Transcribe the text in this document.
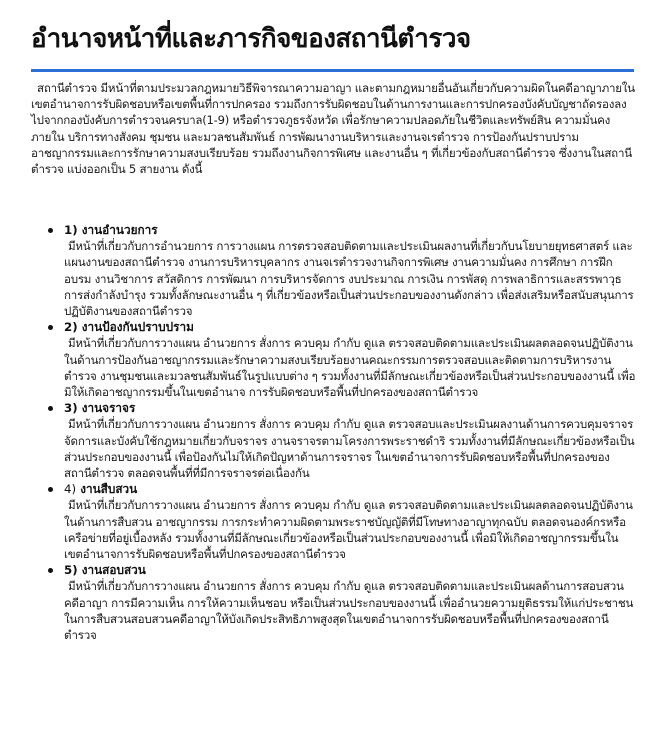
อำนาจหน้าที่และภารกิจของสถานีตำรวจ

สถานีตำรวจ มีหน้าที่ตามประมวลกฎหมายวิธีพิจารณาความอาญา และตามกฎหมายอื่นอันเกี่ยวกับความผิดในคดีอาญาภายในเขตอำนาจการรับผิดชอบหรือเขตพื้นที่การปกครอง รวมถึงการรับผิดชอบในด้านการงานและการปกครองบังคับบัญชาถัดรองลงไปจากกองบังคับการตำรวจนครบาล(1-9) หรือตำรวจภูธรจังหวัด เพื่อรักษาความปลอดภัยในชีวิตและทรัพย์สิน ความมั่นคงภายใน บริการทางสังคม ชุมชน และมวลชนสัมพันธ์ การพัฒนางานบริหารและงานจเรตำรวจ การป้องกันปราบปรามอาชญากรรมและการรักษาความสงบเรียบร้อย รวมถึงงานกิจการพิเศษ และงานอื่น ๆ ที่เกี่ยวข้องกับสถานีตำรวจ ซึ่งงานในสถานีตำรวจ แบ่งออกเป็น 5 สายงาน ดังนี้

1) งานอำนวยการ

มีหน้าที่เกี่ยวกับการอำนวยการ การวางแผน การตรวจสอบติดตามและประเมินผลงานที่เกี่ยวกับนโยบายยุทธศาสตร์ และแผนงานของสถานีตำรวจ งานการบริหารบุคลากร งานจเรตำรวจงานกิจการพิเศษ งานความมั่นคง การศึกษา การฝึกอบรม งานวิชาการ สวัสดิการ การพัฒนา การบริหารจัดการ งบประมาณ การเงิน การพัสดุ การพลาธิการและสรรพาวุธ การส่งกำลังบำรุง รวมทั้งลักษณะงานอื่น ๆ ที่เกี่ยวข้องหรือเป็นส่วนประกอบของงานดังกล่าว เพื่อส่งเสริมหรือสนับสนุนการปฏิบัติงานของสถานีตำรวจ

2) งานป้องกันปราบปราม

มีหน้าที่เกี่ยวกับการวางแผน อำนวยการ สั่งการ ควบคุม กำกับ ดูแล ตรวจสอบติดตามและประเมินผลตลอดจนปฏิบัติงานในด้านการป้องกันอาชญากรรมและรักษาความสงบเรียบร้อยงานคณะกรรมการตรวจสอบและติดตามการบริหารงานตำรวจ งานชุมชนและมวลชนสัมพันธ์ในรูปแบบต่าง ๆ รวมทั้งงานที่มีลักษณะเกี่ยวข้องหรือเป็นส่วนประกอบของงานนี้ เพื่อมิให้เกิดอาชญากรรมขึ้นในเขตอำนาจ การรับผิดชอบหรือพื้นที่ปกครองของสถานีตำรวจ

3) งานจราจร

มีหน้าที่เกี่ยวกับการวางแผน อำนวยการ สั่งการ ควบคุม กำกับ ดูแล ตรวจสอบและประเมินผลงานด้านการควบคุมจราจร จัดการและบังคับใช้กฎหมายเกี่ยวกับจราจร งานจราจรตามโครงการพระราชดำริ รวมทั้งงานที่มีลักษณะเกี่ยวข้องหรือเป็นส่วนประกอบของงานนี้ เพื่อป้องกันไม่ให้เกิดปัญหาด้านการจราจร ในเขตอำนาจการรับผิดชอบหรือพื้นที่ปกครองของสถานีตำรวจ ตลอดจนพื้นที่ที่มีการจราจรต่อเนื่องกัน

4) งานสืบสวน

มีหน้าที่เกี่ยวกับการวางแผน อำนวยการ สั่งการ ควบคุม กำกับ ดูแล ตรวจสอบติดตามและประเมินผลตลอดจนปฏิบัติงานในด้านการสืบสวน อาชญากรรม การกระทำความผิดตามพระราชบัญญัติที่มีโทษทางอาญาทุกฉบับ ตลอดจนองค์กรหรือเครือข่ายที่อยู่เบื้องหลัง รวมทั้งงานที่มีลักษณะเกี่ยวข้องหรือเป็นส่วนประกอบของงานนี้ เพื่อมิให้เกิดอาชญากรรมขึ้นในเขตอำนาจการรับผิดชอบหรือพื้นที่ปกครองของสถานีตำรวจ

5) งานสอบสวน

มีหน้าที่เกี่ยวกับการวางแผน อำนวยการ สั่งการ ควบคุม กำกับ ดูแล ตรวจสอบติดตามและประเมินผลด้านการสอบสวนคดีอาญา การมีความเห็น การให้ความเห็นชอบ หรือเป็นส่วนประกอบของงานนี้ เพื่ออำนวยความยุติธรรมให้แก่ประชาชนในการสืบสวนสอบสวนคดีอาญาให้บังเกิดประสิทธิภาพสูงสุดในเขตอำนาจการรับผิดชอบหรือพื้นที่ปกครองของสถานีตำรวจ
